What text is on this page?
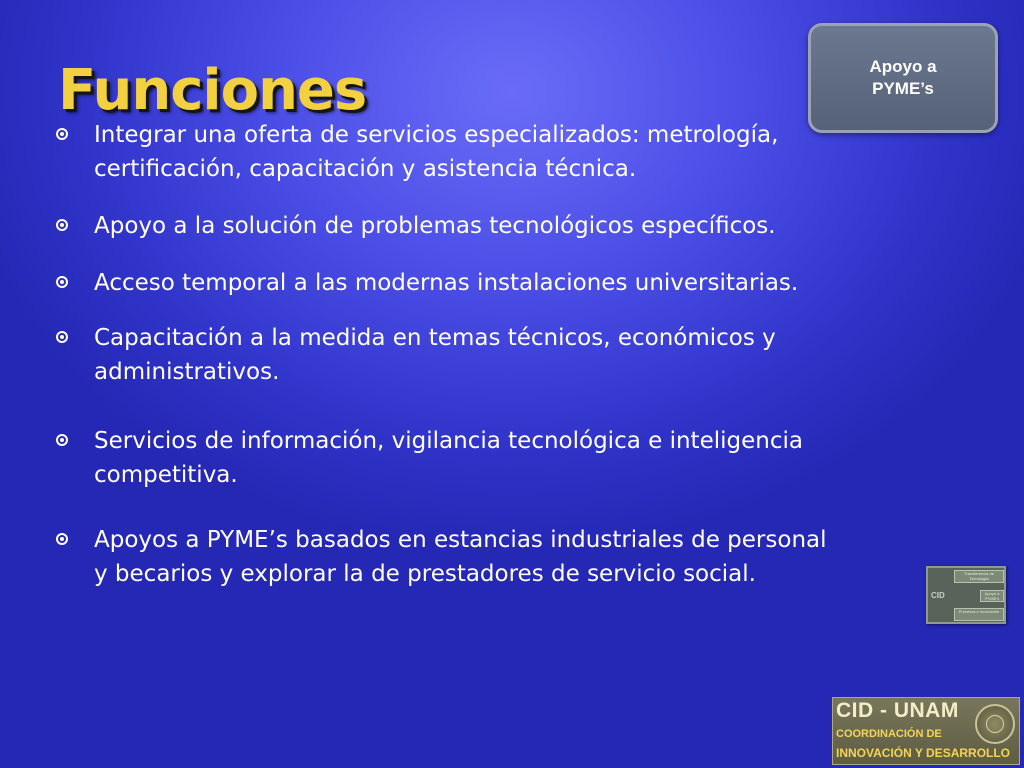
Funciones	Apoyo a PYME’s
Integrar una oferta de servicios especializados: metrología, certificación, capacitación y asistencia técnica.
Apoyo a la solución de problemas tecnológicos específicos.
Acceso temporal a las modernas instalaciones universitarias.
Capacitación a la medida en temas técnicos, económicos y administrativos.
Servicios de información, vigilancia tecnológica e inteligencia competitiva.
Apoyos a PYME’s basados en estancias industriales de personal y becarios y explorar la de prestadores de servicio social.
CID
Transferencia de Tecnología
Apoyo a PYME’s
Procesos e Innovación
CID - UNAM
COORDINACIÓN DE
INNOVACIÓN Y DESARROLLO
